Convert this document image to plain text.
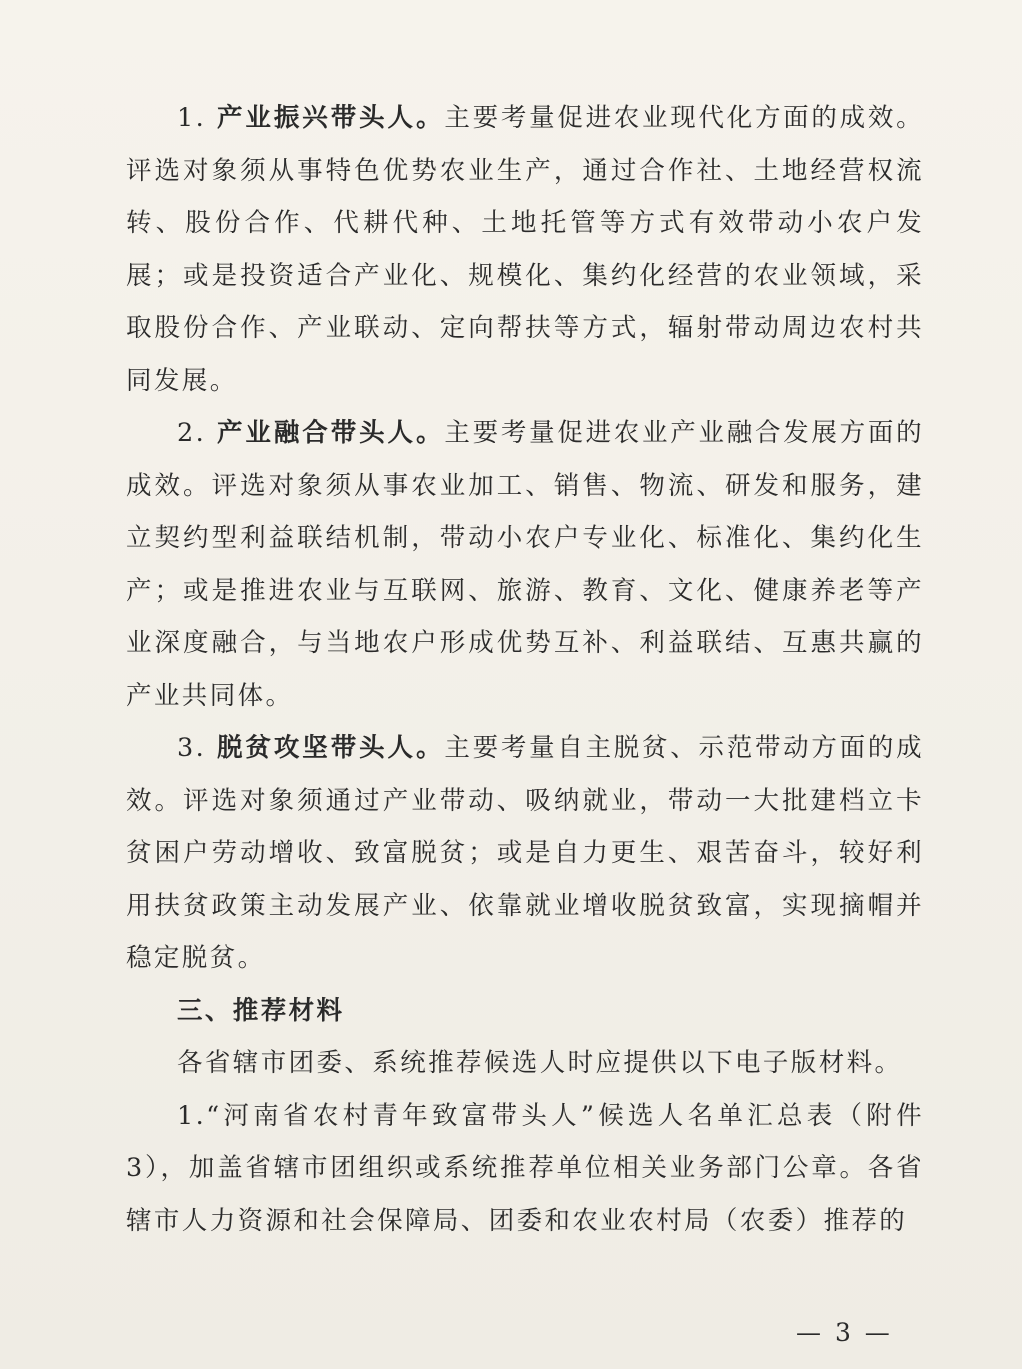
1. 产业振兴带头人。主要考量促进农业现代化方面的成效。评选对象须从事特色优势农业生产，通过合作社、土地经营权流转、股份合作、代耕代种、土地托管等方式有效带动小农户发展；或是投资适合产业化、规模化、集约化经营的农业领域，采取股份合作、产业联动、定向帮扶等方式，辐射带动周边农村共同发展。

2. 产业融合带头人。主要考量促进农业产业融合发展方面的成效。评选对象须从事农业加工、销售、物流、研发和服务，建立契约型利益联结机制，带动小农户专业化、标准化、集约化生产；或是推进农业与互联网、旅游、教育、文化、健康养老等产业深度融合，与当地农户形成优势互补、利益联结、互惠共赢的产业共同体。

3. 脱贫攻坚带头人。主要考量自主脱贫、示范带动方面的成效。评选对象须通过产业带动、吸纳就业，带动一大批建档立卡贫困户劳动增收、致富脱贫；或是自力更生、艰苦奋斗，较好利用扶贫政策主动发展产业、依靠就业增收脱贫致富，实现摘帽并稳定脱贫。

三、推荐材料

各省辖市团委、系统推荐候选人时应提供以下电子版材料。

1.“河南省农村青年致富带头人”候选人名单汇总表（附件3），加盖省辖市团组织或系统推荐单位相关业务部门公章。各省辖市人力资源和社会保障局、团委和农业农村局（农委）推荐的

— 3 —
